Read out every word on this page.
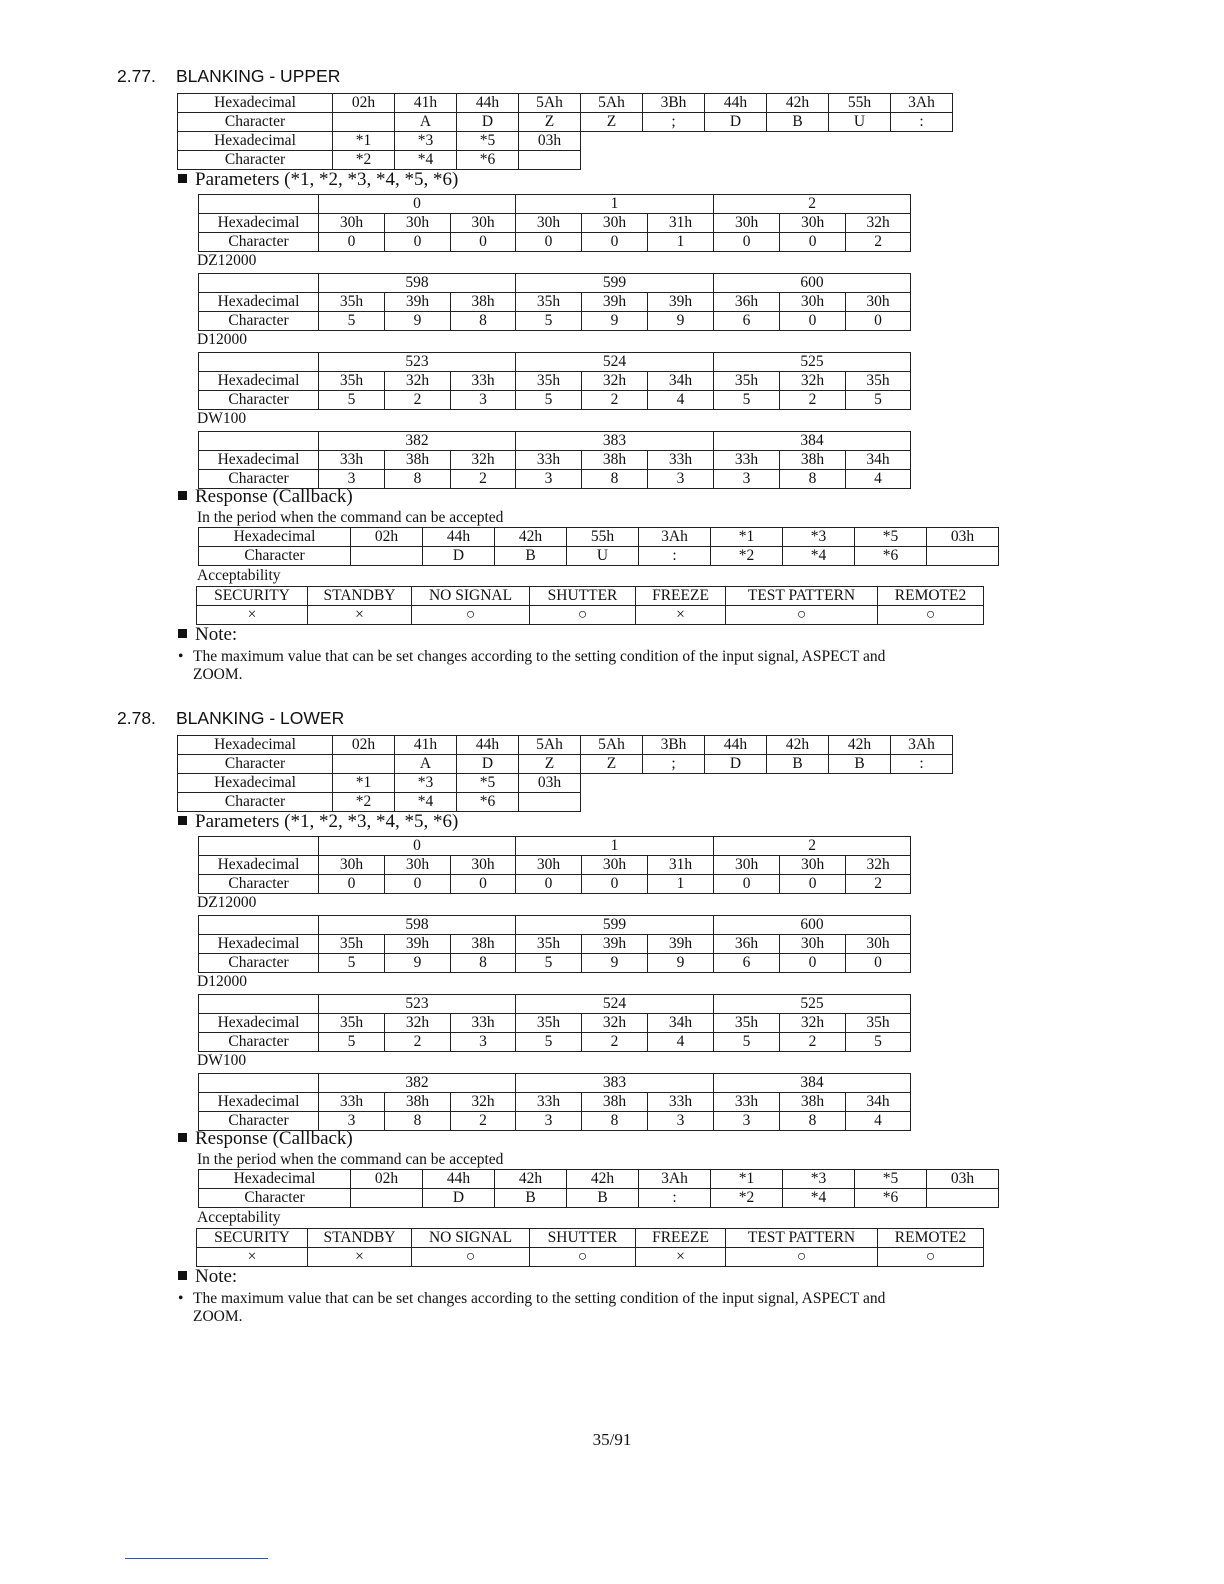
2.77. BLANKING - UPPER
Hexadecimal	02h	41h	44h	5Ah	5Ah	3Bh	44h	42h	55h	3Ah
Character		A	D	Z	Z	;	D	B	U	:
Hexadecimal	*1	*3	*5	03h						
Character	*2	*4	*6							
Parameters (*1, *2, *3, *4, *5, *6)
	0			1			2		
Hexadecimal	30h	30h	30h	30h	30h	31h	30h	30h	32h
Character	0	0	0	0	0	1	0	0	2
DZ12000
	598			599			600		
Hexadecimal	35h	39h	38h	35h	39h	39h	36h	30h	30h
Character	5	9	8	5	9	9	6	0	0
D12000
	523			524			525		
Hexadecimal	35h	32h	33h	35h	32h	34h	35h	32h	35h
Character	5	2	3	5	2	4	5	2	5
DW100
	382			383			384		
Hexadecimal	33h	38h	32h	33h	38h	33h	33h	38h	34h
Character	3	8	2	3	8	3	3	8	4
Response (Callback)
In the period when the command can be accepted
Hexadecimal	02h	44h	42h	55h	3Ah	*1	*3	*5	03h
Character		D	B	U	:	*2	*4	*6	
Acceptability
SECURITY	STANDBY	NO SIGNAL	SHUTTER	FREEZE	TEST PATTERN	REMOTE2
×	×	○	○	×	○	○
Note:
• The maximum value that can be set changes according to the setting condition of the input signal, ASPECT and
ZOOM.
2.78. BLANKING - LOWER
Hexadecimal	02h	41h	44h	5Ah	5Ah	3Bh	44h	42h	42h	3Ah
Character		A	D	Z	Z	;	D	B	B	:
Hexadecimal	*1	*3	*5	03h						
Character	*2	*4	*6							
Parameters (*1, *2, *3, *4, *5, *6)
	0			1			2		
Hexadecimal	30h	30h	30h	30h	30h	31h	30h	30h	32h
Character	0	0	0	0	0	1	0	0	2
DZ12000
	598			599			600		
Hexadecimal	35h	39h	38h	35h	39h	39h	36h	30h	30h
Character	5	9	8	5	9	9	6	0	0
D12000
	523			524			525		
Hexadecimal	35h	32h	33h	35h	32h	34h	35h	32h	35h
Character	5	2	3	5	2	4	5	2	5
DW100
	382			383			384		
Hexadecimal	33h	38h	32h	33h	38h	33h	33h	38h	34h
Character	3	8	2	3	8	3	3	8	4
Response (Callback)
In the period when the command can be accepted
Hexadecimal	02h	44h	42h	42h	3Ah	*1	*3	*5	03h
Character		D	B	B	:	*2	*4	*6	
Acceptability
SECURITY	STANDBY	NO SIGNAL	SHUTTER	FREEZE	TEST PATTERN	REMOTE2
×	×	○	○	×	○	○
Note:
• The maximum value that can be set changes according to the setting condition of the input signal, ASPECT and
ZOOM.
35/91
